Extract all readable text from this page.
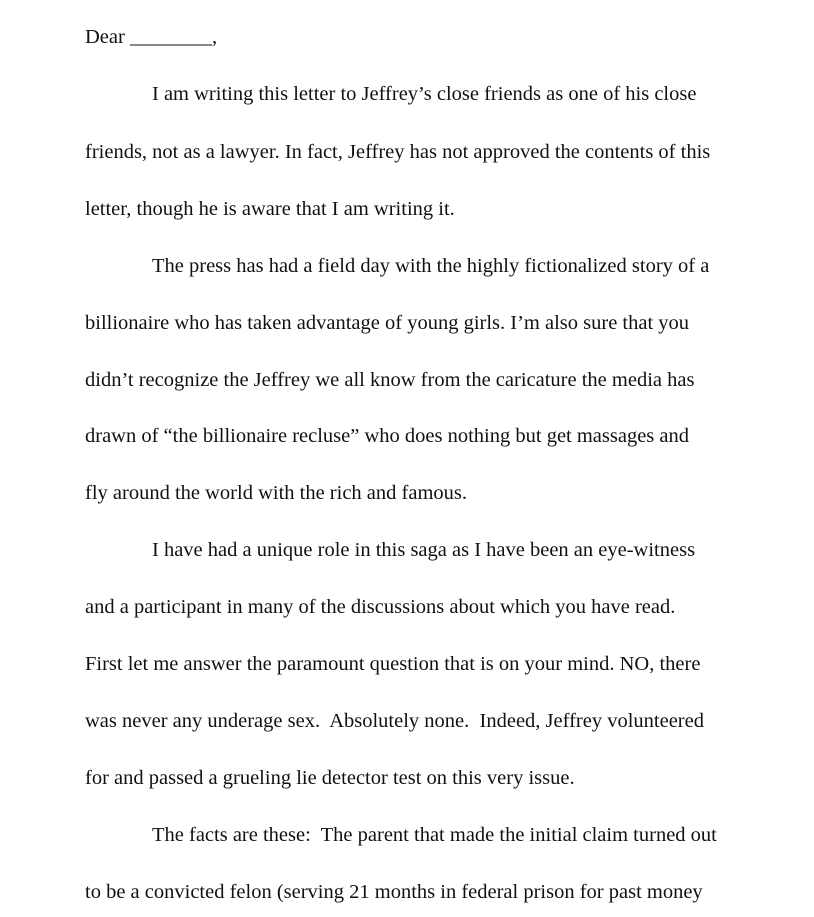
Dear ________,
I am writing this letter to Jeffrey’s close friends as one of his close
friends, not as a lawyer. In fact, Jeffrey has not approved the contents of this
letter, though he is aware that I am writing it.
The press has had a field day with the highly fictionalized story of a
billionaire who has taken advantage of young girls. I’m also sure that you
didn’t recognize the Jeffrey we all know from the caricature the media has
drawn of “the billionaire recluse” who does nothing but get massages and
fly around the world with the rich and famous.
I have had a unique role in this saga as I have been an eye-witness
and a participant in many of the discussions about which you have read.
First let me answer the paramount question that is on your mind. NO, there
was never any underage sex.  Absolutely none.  Indeed, Jeffrey volunteered
for and passed a grueling lie detector test on this very issue.
The facts are these:  The parent that made the initial claim turned out
to be a convicted felon (serving 21 months in federal prison for past money
